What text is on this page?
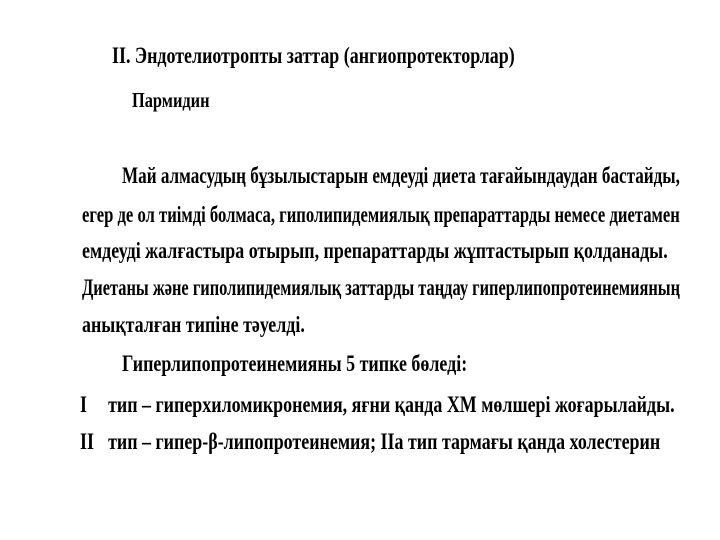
II. Эндотелиотропты заттар (ангиопротекторлар)
Пармидин
Май алмасудың бұзылыстарын емдеуді диета тағайындаудан бастайды,
егер де ол тиімді болмаса, гиполипидемиялық препараттарды немесе диетамен
емдеуді жалғастыра отырып, препараттарды жұптастырып қолданады.
Диетаны және гиполипидемиялық заттарды таңдау гиперлипопротеинемияның
анықталған типіне тәуелді.
Гиперлипопротеинемияны 5 типке бөледі:
I тип – гиперхиломикронемия, яғни қанда ХМ мөлшері жоғарылайды.
II тип – гипер-β-липопротеинемия; IIа тип тармағы қанда холестерин
